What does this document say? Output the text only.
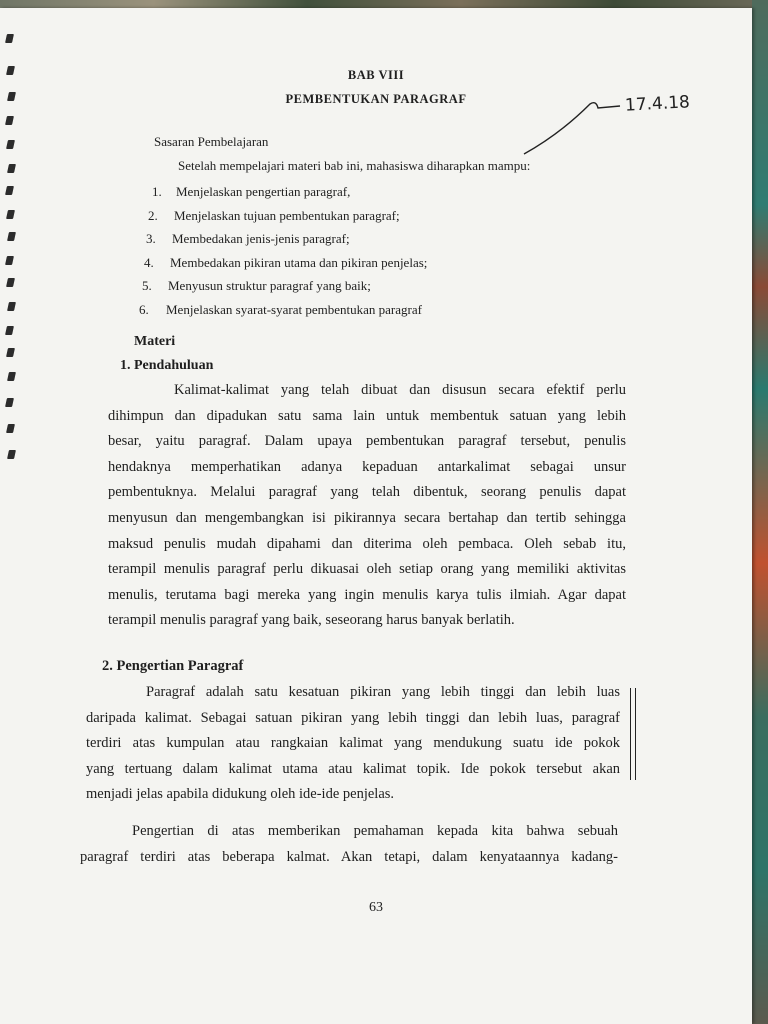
BAB VIII
PEMBENTUKAN PARAGRAF	17.4.18
Sasaran Pembelajaran
Setelah mempelajari materi bab ini, mahasiswa diharapkan mampu:
1. Menjelaskan pengertian paragraf,
2. Menjelaskan tujuan pembentukan paragraf;
3. Membedakan jenis-jenis paragraf;
4. Membedakan pikiran utama dan pikiran penjelas;
5. Menyusun struktur paragraf yang baik;
6. Menjelaskan syarat-syarat pembentukan paragraf
Materi
1. Pendahuluan
Kalimat-kalimat yang telah dibuat dan disusun secara efektif perlu
dihimpun dan dipadukan satu sama lain untuk membentuk satuan yang lebih
besar, yaitu paragraf. Dalam upaya pembentukan paragraf tersebut, penulis
hendaknya memperhatikan adanya kepaduan antarkalimat sebagai unsur
pembentuknya. Melalui paragraf yang telah dibentuk, seorang penulis dapat
menyusun dan mengembangkan isi pikirannya secara bertahap dan tertib sehingga
maksud penulis mudah dipahami dan diterima oleh pembaca. Oleh sebab itu,
terampil menulis paragraf perlu dikuasai oleh setiap orang yang memiliki aktivitas
menulis, terutama bagi mereka yang ingin menulis karya tulis ilmiah. Agar dapat
terampil menulis paragraf yang baik, seseorang harus banyak berlatih.
2. Pengertian Paragraf
Paragraf adalah satu kesatuan pikiran yang lebih tinggi dan lebih luas
daripada kalimat. Sebagai satuan pikiran yang lebih tinggi dan lebih luas, paragraf
terdiri atas kumpulan atau rangkaian kalimat yang mendukung suatu ide pokok
yang tertuang dalam kalimat utama atau kalimat topik. Ide pokok tersebut akan
menjadi jelas apabila didukung oleh ide-ide penjelas.
Pengertian di atas memberikan pemahaman kepada kita bahwa sebuah
paragraf terdiri atas beberapa kalmat. Akan tetapi, dalam kenyataannya kadang-
63
